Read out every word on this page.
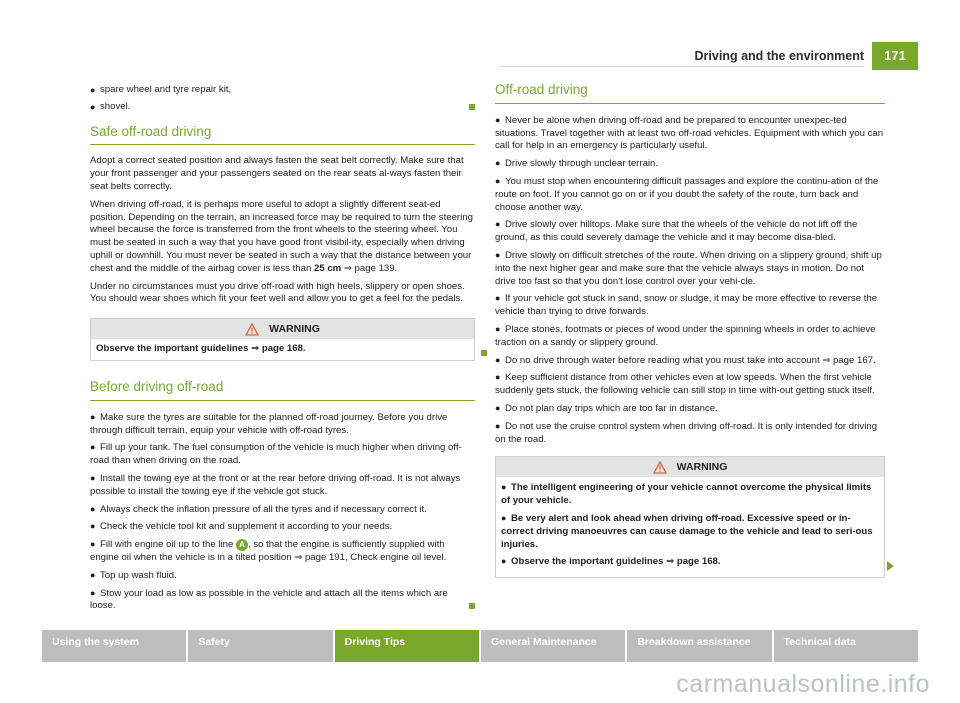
Driving and the environment	171
● spare wheel and tyre repair kit,
● shovel.
Safe off-road driving

Adopt a correct seated position and always fasten the seat belt correctly. Make sure that your front passenger and your passengers seated on the rear seats al-ways fasten their seat belts correctly.

When driving off-road, it is perhaps more useful to adopt a slightly different seat-ed position. Depending on the terrain, an increased force may be required to turn the steering wheel because the force is transferred from the front wheels to the steering wheel. You must be seated in such a way that you have good front visibil-ity, especially when driving uphill or downhill. You must never be seated in such a way that the distance between your chest and the middle of the airbag cover is less than 25 cm ⇒ page 139.

Under no circumstances must you drive off-road with high heels, slippery or open shoes. You should wear shoes which fit your feet well and allow you to get a feel for the pedals.

WARNING
Observe the important guidelines ⇒ page 168.
Before driving off-road
● Make sure the tyres are suitable for the planned off-road journey. Before you drive through difficult terrain, equip your vehicle with off-road tyres.
● Fill up your tank. The fuel consumption of the vehicle is much higher when driving off-road than when driving on the road.
● Install the towing eye at the front or at the rear before driving off-road. It is not always possible to install the towing eye if the vehicle got stuck.
● Always check the inflation pressure of all the tyres and if necessary correct it.
● Check the vehicle tool kit and supplement it according to your needs.
● Fill with engine oil up to the line A , so that the engine is sufficiently supplied with engine oil when the vehicle is in a tilted position ⇒ page 191, Check engine oil level.
● Top up wash fluid.
● Stow your load as low as possible in the vehicle and attach all the items which are loose.
Off-road driving
● Never be alone when driving off-road and be prepared to encounter unexpec-ted situations. Travel together with at least two off-road vehicles. Equipment with which you can call for help in an emergency is particularly useful.
● Drive slowly through unclear terrain.
● You must stop when encountering difficult passages and explore the continu-ation of the route on foot. If you cannot go on or if you doubt the safety of the route, turn back and choose another way.
● Drive slowly over hilltops. Make sure that the wheels of the vehicle do not lift off the ground, as this could severely damage the vehicle and it may become disa-bled.
● Drive slowly on difficult stretches of the route. When driving on a slippery ground, shift up into the next higher gear and make sure that the vehicle always stays in motion. Do not drive too fast so that you don't lose control over your vehi-cle.
● If your vehicle got stuck in sand, snow or sludge, it may be more effective to reverse the vehicle than trying to drive forwards.
● Place stones, footmats or pieces of wood under the spinning wheels in order to achieve traction on a sandy or slippery ground.
● Do no drive through water before reading what you must take into account ⇒ page 167.
● Keep sufficient distance from other vehicles even at low speeds. When the first vehicle suddenly gets stuck, the following vehicle can still stop in time with-out getting stuck itself.
● Do not plan day trips which are too far in distance.
● Do not use the cruise control system when driving off-road. It is only intended for driving on the road.
WARNING
● The intelligent engineering of your vehicle cannot overcome the physical limits of your vehicle.
● Be very alert and look ahead when driving off-road. Excessive speed or in-correct driving manoeuvres can cause damage to the vehicle and lead to seri-ous injuries.
● Observe the important guidelines ⇒ page 168.
Using the system	Safety	Driving Tips	General Maintenance	Breakdown assistance	Technical data
carmanualsonline.info
